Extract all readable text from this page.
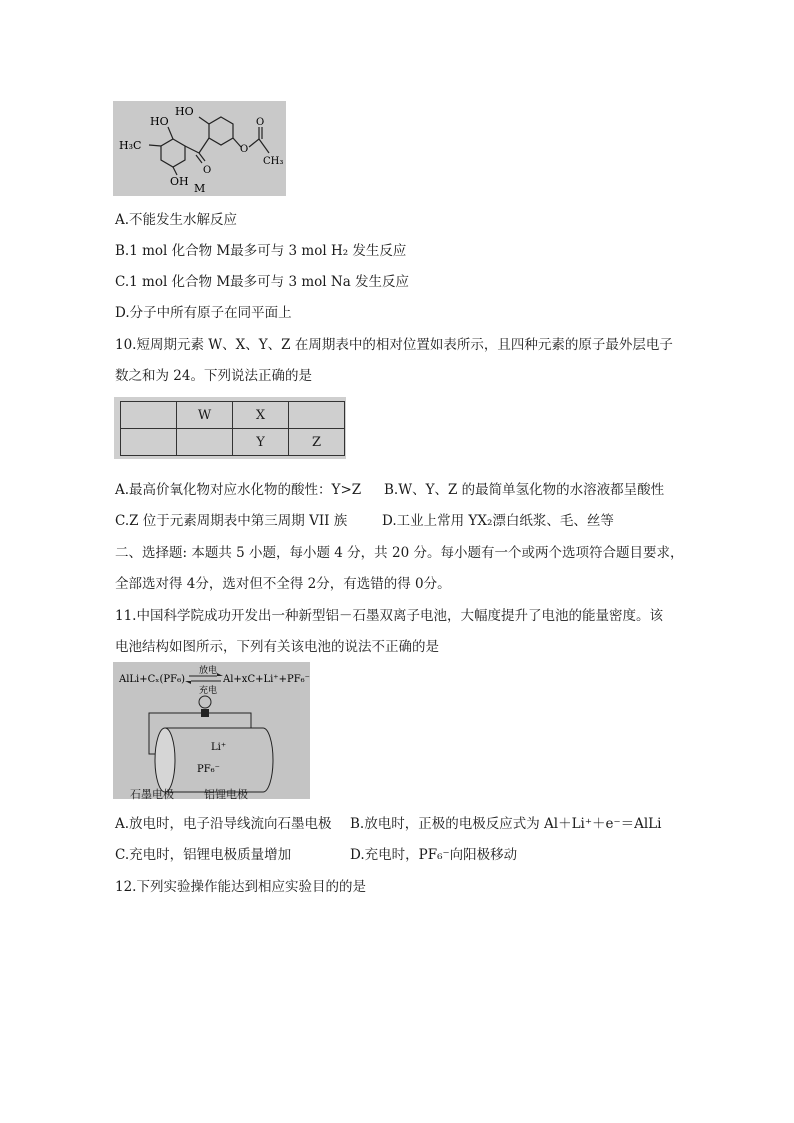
HO
HO
H₃C
OH
O
O
O
CH₃
M
A.不能发生水解反应
B.1 mol 化合物 M最多可与 3 mol H₂ 发生反应
C.1 mol 化合物 M最多可与 3 mol Na 发生反应
D.分子中所有原子在同平面上
10.短周期元素 W、X、Y、Z 在周期表中的相对位置如表所示，且四种元素的原子最外层电子
数之和为 24。下列说法正确的是
	W	X	
		Y	Z
A.最高价氧化物对应水化物的酸性：Y>Z B.W、Y、Z 的最简单氢化物的水溶液都呈酸性
C.Z 位于元素周期表中第三周期 VII 族	D.工业上常用 YX₂漂白纸浆、毛、丝等
二、选择题: 本题共 5 小题，每小题 4 分，共 20 分。每小题有一个或两个选项符合题目要求，
全部选对得 4分，选对但不全得 2分，有选错的得 0分。
11.中国科学院成功开发出一种新型铝－石墨双离子电池，大幅度提升了电池的能量密度。该
电池结构如图所示，下列有关该电池的说法不正确的是
AlLi+Cₓ(PF₆)
放电
充电
Al+xC+Li⁺+PF₆⁻
Li⁺
PF₆⁻
石墨电极	铝锂电极
A.放电时，电子沿导线流向石墨电极 B.放电时，正极的电极反应式为 Al＋Li⁺＋e⁻＝AlLi
C.充电时，铝锂电极质量增加	D.充电时，PF₆⁻向阳极移动
12.下列实验操作能达到相应实验目的的是
